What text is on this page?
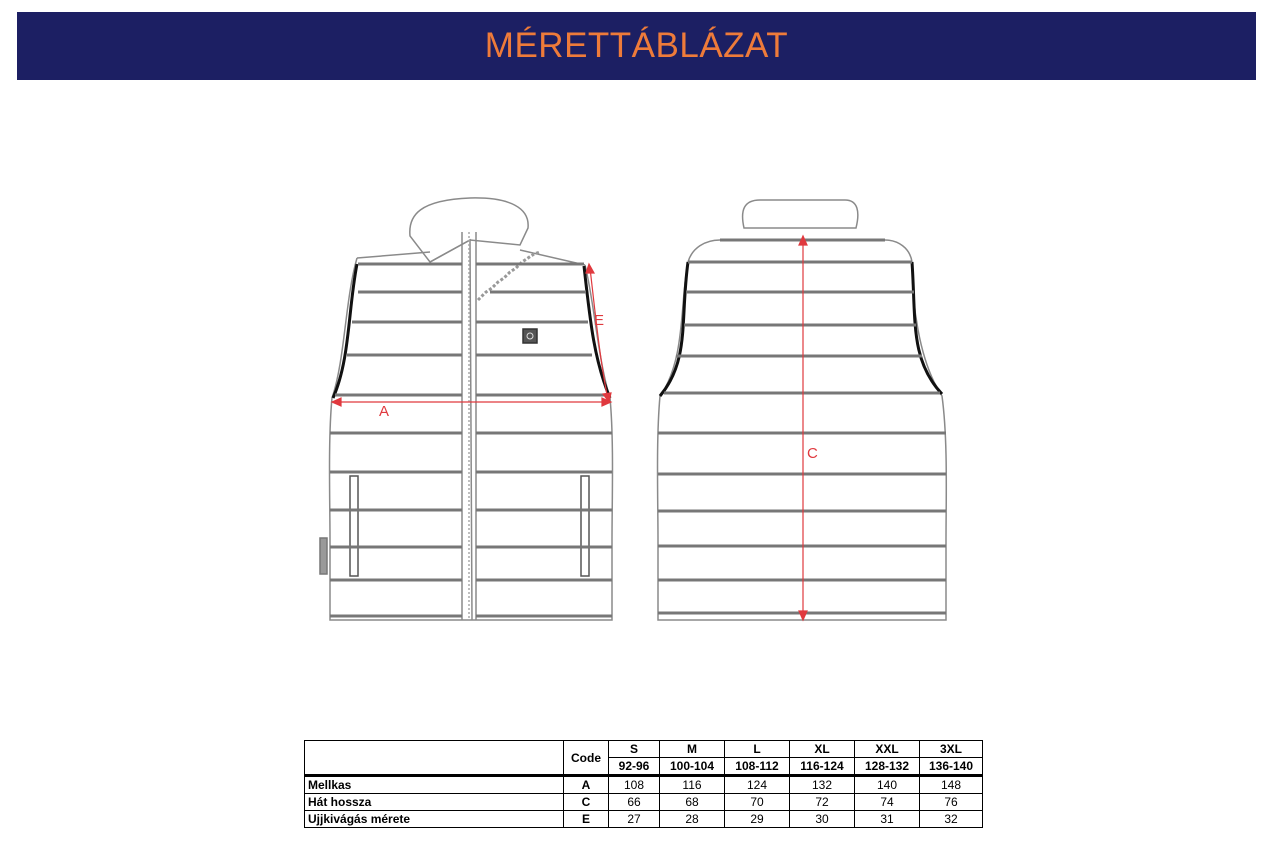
MÉRETTÁBLÁZAT
A
E
C
	Code	S	M	L	XL	XXL	3XL
		92-96	100-104	108-112	116-124	128-132	136-140
Mellkas	A	108	116	124	132	140	148
Hát hossza	C	66	68	70	72	74	76
Ujjkivágás mérete	E	27	28	29	30	31	32
